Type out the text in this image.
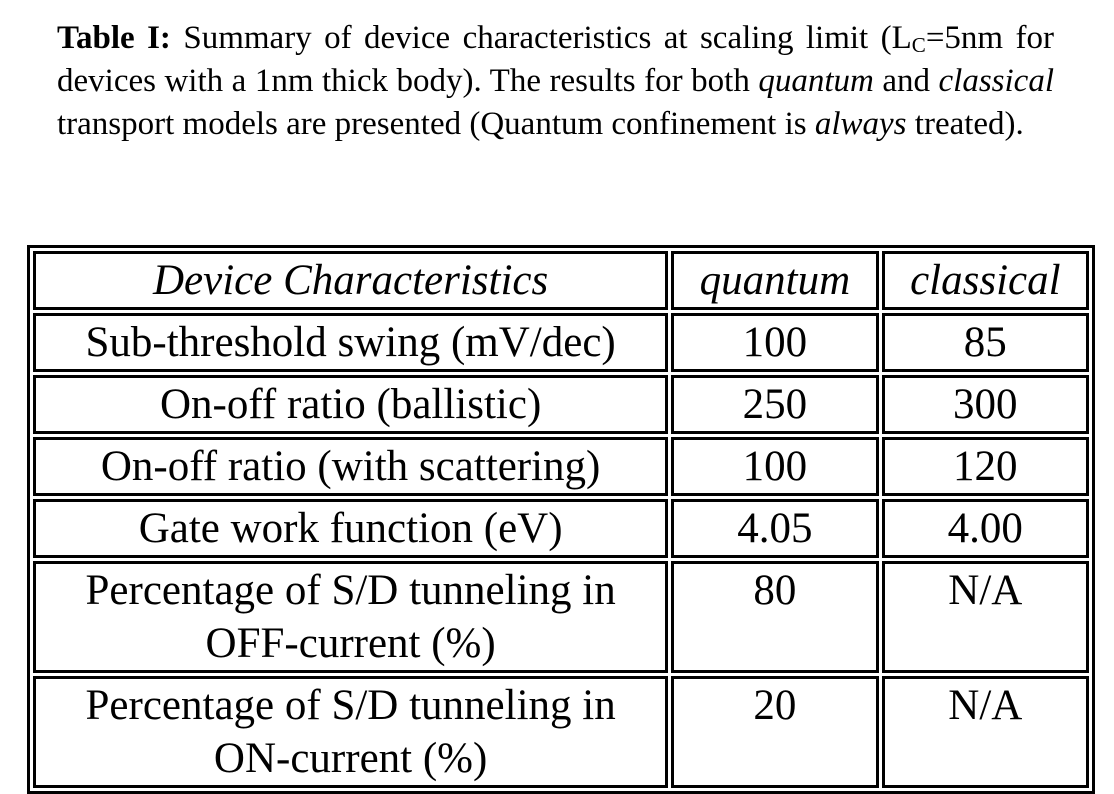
Table I: Summary of device characteristics at scaling limit (LC=5nm for devices with a 1nm thick body). The results for both quantum and classical transport models are presented (Quantum confinement is always treated).
Device Characteristics	quantum	classical
Sub-threshold swing (mV/dec)	100	85
On-off ratio (ballistic)	250	300
On-off ratio (with scattering)	100	120
Gate work function (eV)	4.05	4.00
Percentage of S/D tunneling in
OFF-current (%)	80	N/A
Percentage of S/D tunneling in
ON-current (%)	20	N/A
